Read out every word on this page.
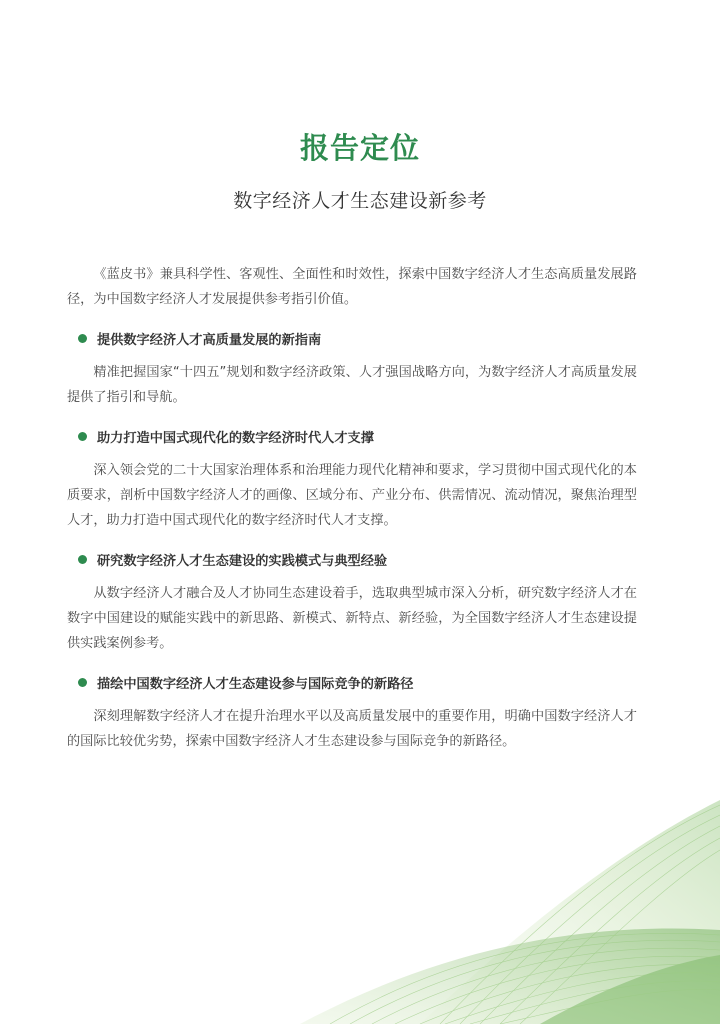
报告定位
数字经济人才生态建设新参考

《蓝皮书》兼具科学性、客观性、全面性和时效性，探索中国数字经济人才生态高质量发展路径，为中国数字经济人才发展提供参考指引价值。

提供数字经济人才高质量发展的新指南

精准把握国家“十四五”规划和数字经济政策、人才强国战略方向，为数字经济人才高质量发展提供了指引和导航。

助力打造中国式现代化的数字经济时代人才支撑

深入领会党的二十大国家治理体系和治理能力现代化精神和要求，学习贯彻中国式现代化的本质要求，剖析中国数字经济人才的画像、区域分布、产业分布、供需情况、流动情况，聚焦治理型人才，助力打造中国式现代化的数字经济时代人才支撑。

研究数字经济人才生态建设的实践模式与典型经验

从数字经济人才融合及人才协同生态建设着手，选取典型城市深入分析，研究数字经济人才在数字中国建设的赋能实践中的新思路、新模式、新特点、新经验，为全国数字经济人才生态建设提供实践案例参考。

描绘中国数字经济人才生态建设参与国际竞争的新路径

深刻理解数字经济人才在提升治理水平以及高质量发展中的重要作用，明确中国数字经济人才的国际比较优劣势，探索中国数字经济人才生态建设参与国际竞争的新路径。
